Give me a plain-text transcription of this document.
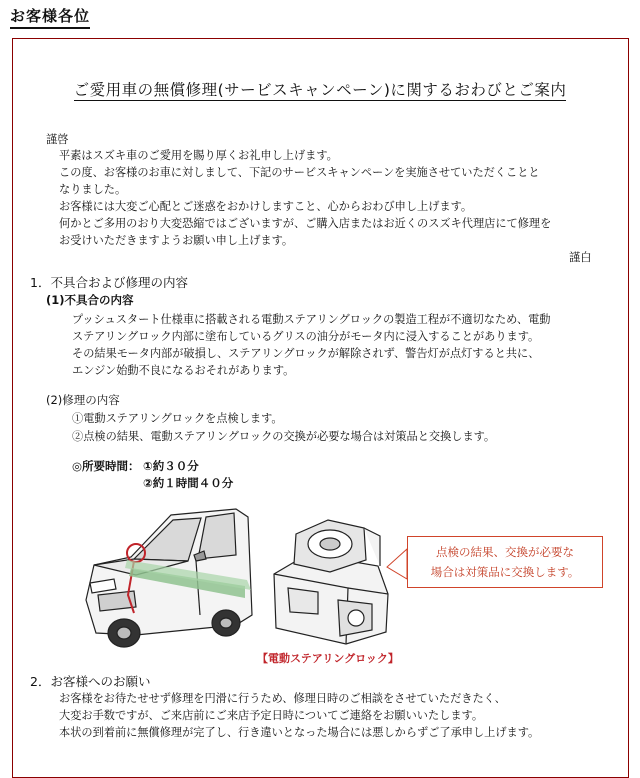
お客様各位
ご愛用車の無償修理(サービスキャンペーン)に関するおわびとご案内
謹啓
平素はスズキ車のご愛用を賜り厚くお礼申し上げます。
この度、お客様のお車に対しまして、下記のサービスキャンペーンを実施させていただくことと
なりました。
お客様には大変ご心配とご迷惑をおかけしますこと、心からおわび申し上げます。
何かとご多用のおり大変恐縮ではございますが、ご購入店またはお近くのスズキ代理店にて修理を
お受けいただきますようお願い申し上げます。
謹白
1．不具合および修理の内容
(1)不具合の内容
プッシュスタート仕様車に搭載される電動ステアリングロックの製造工程が不適切なため、電動
ステアリングロック内部に塗布しているグリスの油分がモータ内に浸入することがあります。
その結果モータ内部が破損し、ステアリングロックが解除されず、警告灯が点灯すると共に、
エンジン始動不良になるおそれがあります。
(2)修理の内容
①電動ステアリングロックを点検します。
②点検の結果、電動ステアリングロックの交換が必要な場合は対策品と交換します。
◎所要時間： ①約３０分
②約１時間４０分
点検の結果、交換が必要な
場合は対策品に交換します。
【電動ステアリングロック】
2．お客様へのお願い
お客様をお待たせせず修理を円滑に行うため、修理日時のご相談をさせていただきたく、
大変お手数ですが、ご来店前にご来店予定日時についてご連絡をお願いいたします。
本状の到着前に無償修理が完了し、行き違いとなった場合には悪しからずご了承申し上げます。
